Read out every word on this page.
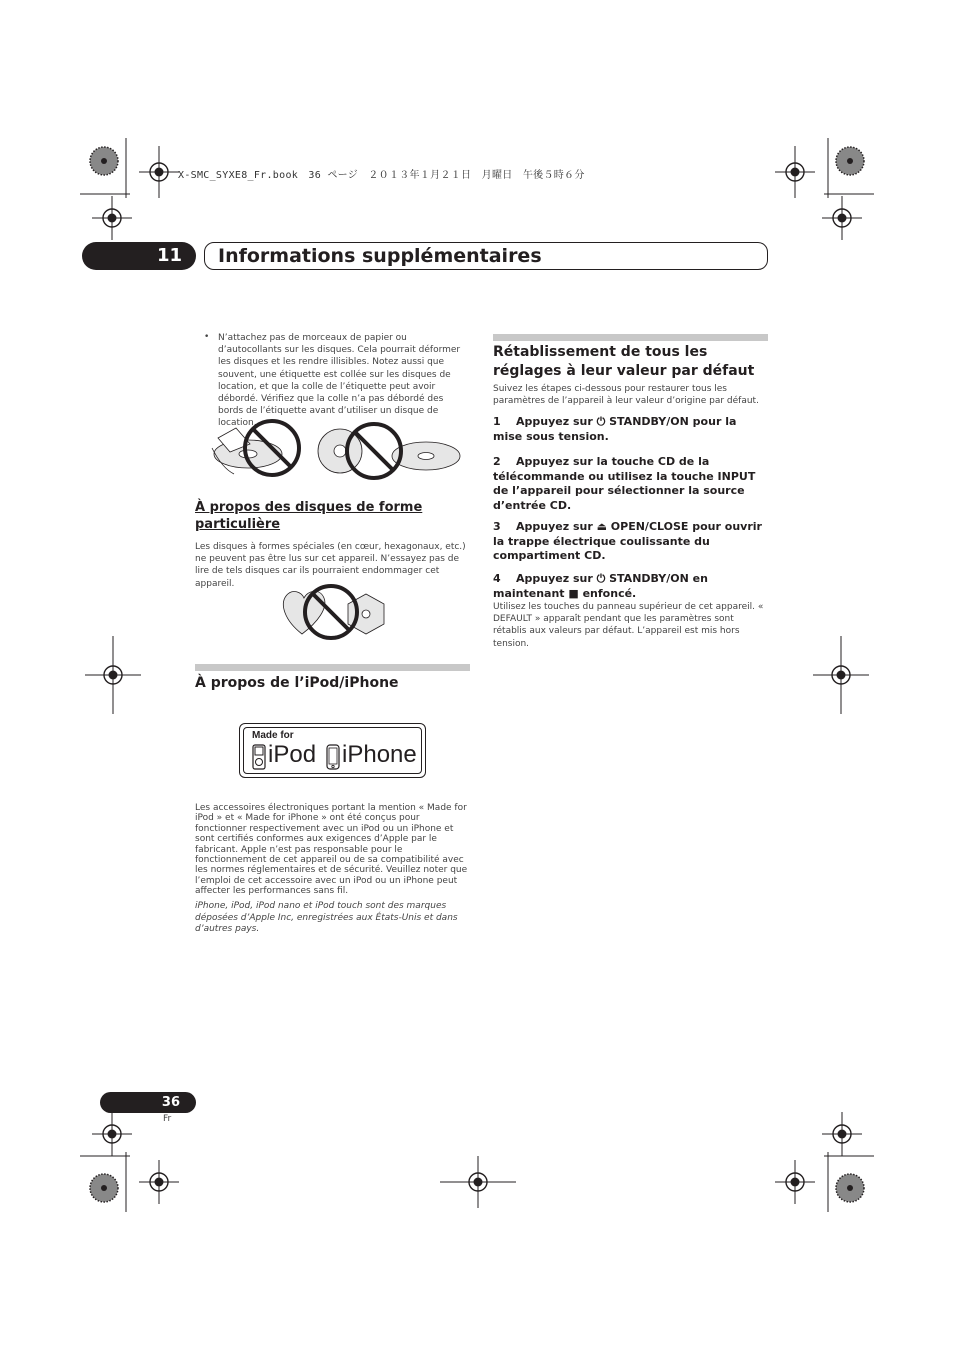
X-SMC_SYXE8_Fr.book　36 ページ　２０１３年１月２１日　月曜日　午後５時６分
11	Informations supplémentaires
• N’attachez pas de morceaux de papier ou d’autocollants sur les disques. Cela pourrait déformer les disques et les rendre illisibles. Notez aussi que souvent, une étiquette est collée sur les disques de location, et que la colle de l’étiquette peut avoir débordé. Vérifiez que la colle n’a pas débordé des bords de l’étiquette avant d’utiliser un disque de location.
À propos des disques de forme particulière
Les disques à formes spéciales (en cœur, hexagonaux, etc.) ne peuvent pas être lus sur cet appareil. N’essayez pas de lire de tels disques car ils pourraient endommager cet appareil.
À propos de l’iPod/iPhone
Made for
iPod iPhone
Les accessoires électroniques portant la mention « Made for iPod » et « Made for iPhone » ont été conçus pour fonctionner respectivement avec un iPod ou un iPhone et sont certifiés conformes aux exigences d’Apple par le fabricant. Apple n’est pas responsable pour le fonctionnement de cet appareil ou de sa compatibilité avec les normes réglementaires et de sécurité. Veuillez noter que l’emploi de cet accessoire avec un iPod ou un iPhone peut affecter les performances sans fil.
iPhone, iPod, iPod nano et iPod touch sont des marques déposées d’Apple Inc, enregistrées aux États-Unis et dans d’autres pays.
Rétablissement de tous les réglages à leur valeur par défaut
Suivez les étapes ci-dessous pour restaurer tous les paramètres de l’appareil à leur valeur d’origine par défaut.
1 Appuyez sur ⏻ STANDBY/ON pour la mise sous tension.
2 Appuyez sur la touche CD de la télécommande ou utilisez la touche INPUT de l’appareil pour sélectionner la source d’entrée CD.
3 Appuyez sur ⏏ OPEN/CLOSE pour ouvrir la trappe électrique coulissante du compartiment CD.
4 Appuyez sur ⏻ STANDBY/ON en maintenant ■ enfoncé.
Utilisez les touches du panneau supérieur de cet appareil. « DEFAULT » apparaît pendant que les paramètres sont rétablis aux valeurs par défaut. L’appareil est mis hors tension.
36
Fr
